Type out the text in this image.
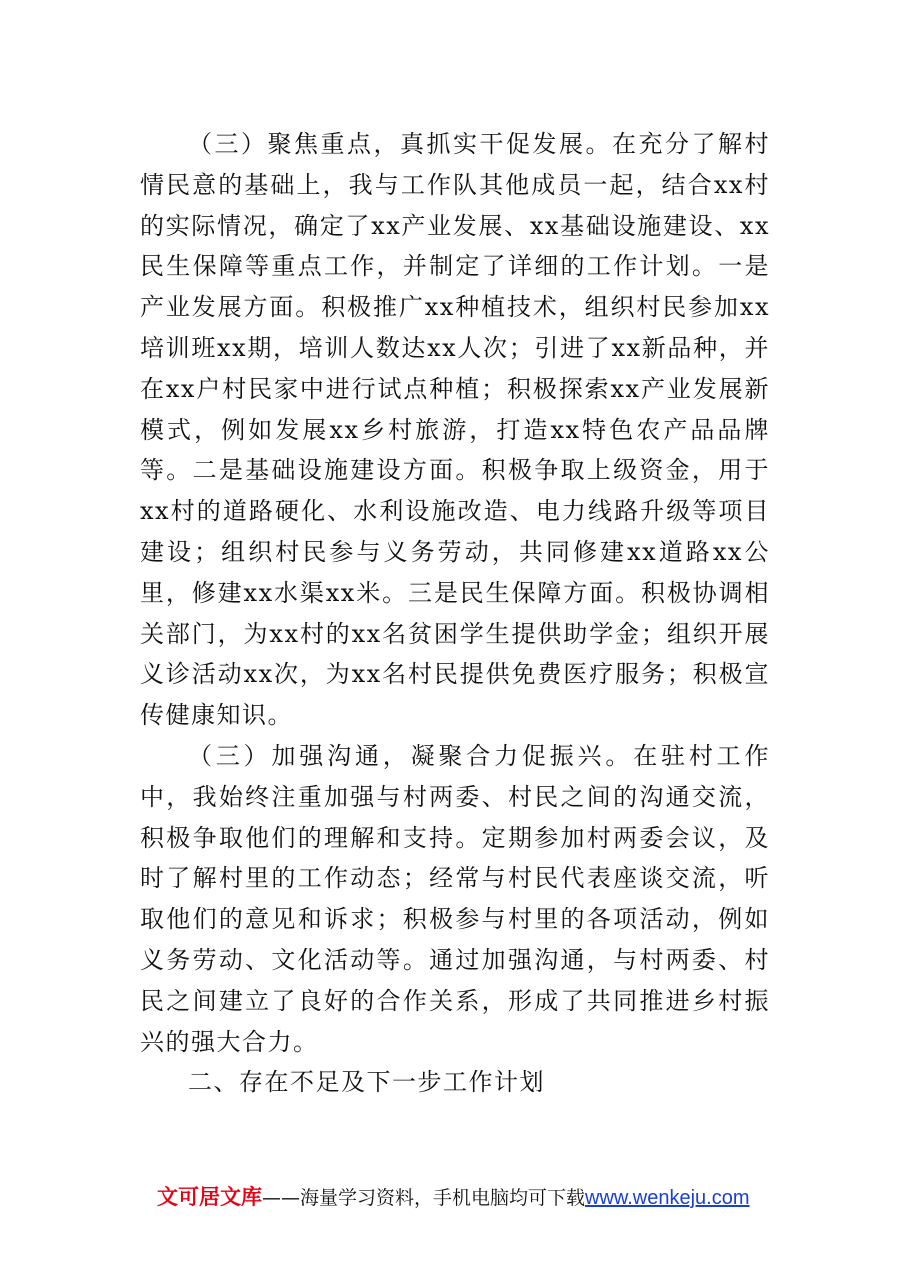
（三）聚焦重点，真抓实干促发展。在充分了解村情民意的基础上，我与工作队其他成员一起，结合xx村的实际情况，确定了xx产业发展、xx基础设施建设、xx民生保障等重点工作，并制定了详细的工作计划。一是产业发展方面。积极推广xx种植技术，组织村民参加xx培训班xx期，培训人数达xx人次；引进了xx新品种，并在xx户村民家中进行试点种植；积极探索xx产业发展新模式，例如发展xx乡村旅游，打造xx特色农产品品牌等。二是基础设施建设方面。积极争取上级资金，用于xx村的道路硬化、水利设施改造、电力线路升级等项目建设；组织村民参与义务劳动，共同修建xx道路xx公里，修建xx水渠xx米。三是民生保障方面。积极协调相关部门，为xx村的xx名贫困学生提供助学金；组织开展义诊活动xx次，为xx名村民提供免费医疗服务；积极宣传健康知识。

（三）加强沟通，凝聚合力促振兴。在驻村工作中，我始终注重加强与村两委、村民之间的沟通交流，积极争取他们的理解和支持。定期参加村两委会议，及时了解村里的工作动态；经常与村民代表座谈交流，听取他们的意见和诉求；积极参与村里的各项活动，例如义务劳动、文化活动等。通过加强沟通，与村两委、村民之间建立了良好的合作关系，形成了共同推进乡村振兴的强大合力。

二、存在不足及下一步工作计划

文可居文库——海量学习资料，手机电脑均可下载www.wenkeju.com
